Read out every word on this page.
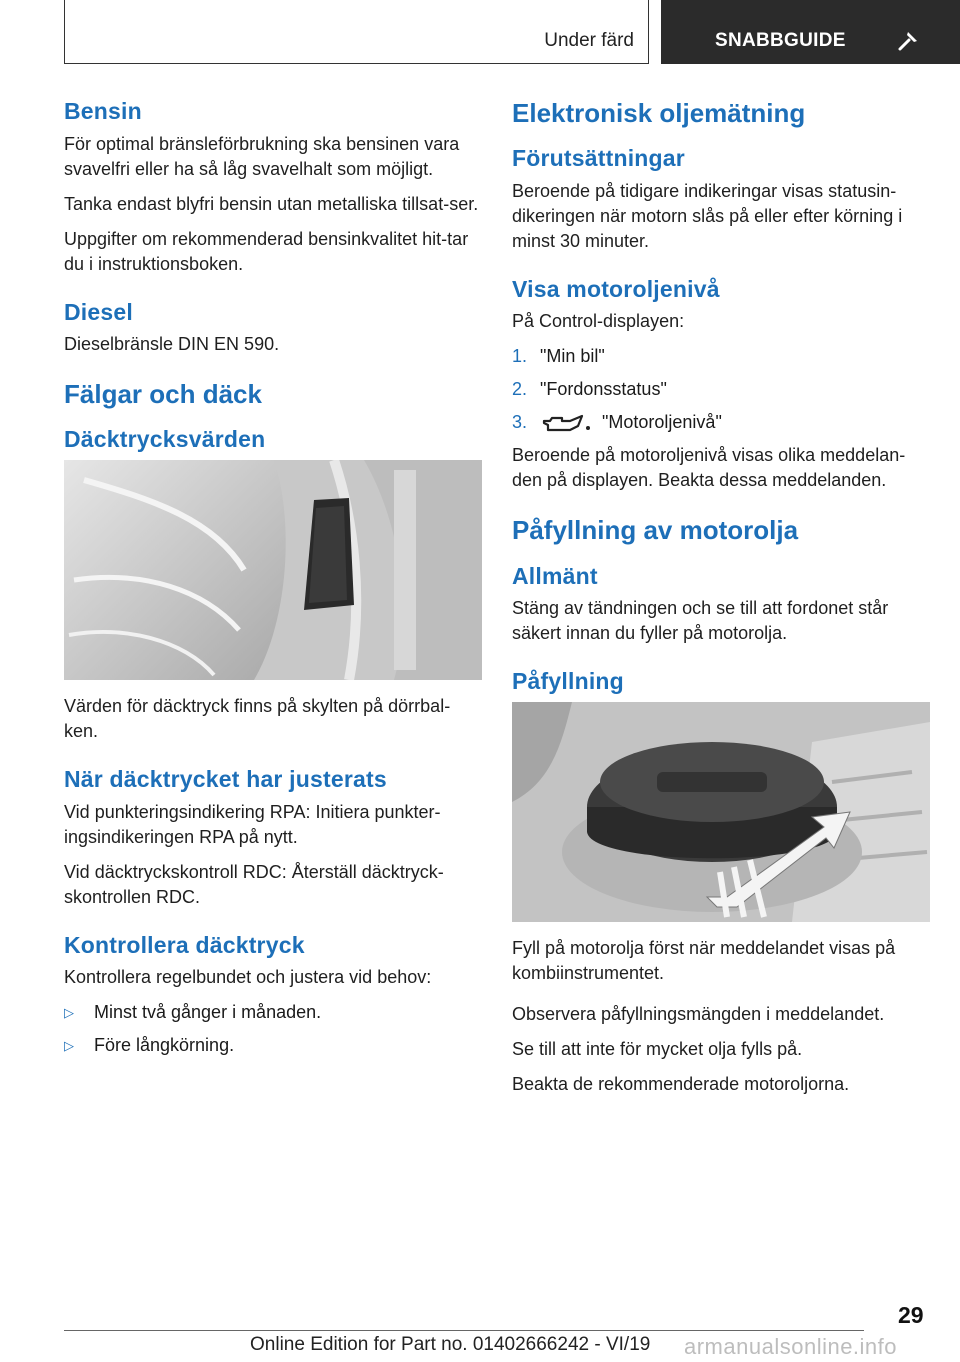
Under färd	SNABBGUIDE
Bensin

För optimal bränsleförbrukning ska bensinen vara svavelfri eller ha så låg svavelhalt som möjligt.

Tanka endast blyfri bensin utan metalliska tillsat-ser.

Uppgifter om rekommenderad bensinkvalitet hit-tar du i instruktionsboken.

Diesel

Dieselbränsle DIN EN 590.

Fälgar och däck
Däcktrycksvärden

Värden för däcktryck finns på skylten på dörrbal-ken.

När däcktrycket har justerats

Vid punkteringsindikering RPA: Initiera punkter-ingsindikeringen RPA på nytt.

Vid däcktryckskontroll RDC: Återställ däcktryck-skontrollen RDC.

Kontrollera däcktryck

Kontrollera regelbundet och justera vid behov:

▷	Minst två gånger i månaden.
▷	Före långkörning.
Elektronisk oljemätning
Förutsättningar

Beroende på tidigare indikeringar visas statusin-dikeringen när motorn slås på eller efter körning i minst 30 minuter.

Visa motoroljenivå

På Control-displayen:

1. "Min bil"
2. "Fordonsstatus"
3.	"Motoroljenivå"

Beroende på motoroljenivå visas olika meddelan-den på displayen. Beakta dessa meddelanden.

Påfyllning av motorolja
Allmänt

Stäng av tändningen och se till att fordonet står säkert innan du fyller på motorolja.

Påfyllning

Fyll på motorolja först när meddelandet visas på kombiinstrumentet.

Observera påfyllningsmängden i meddelandet.

Se till att inte för mycket olja fylls på.

Beakta de rekommenderade motoroljorna.

29
Online Edition for Part no. 01402666242 - VI/19 armanualsonline.info
